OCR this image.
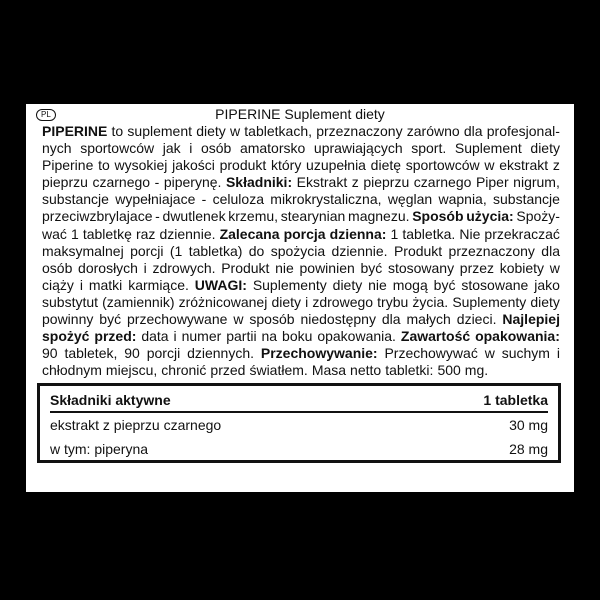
PL	PIPERINE Suplement diety
PIPERINE to suplement diety w tabletkach, przeznaczony zarówno dla profesjonal-
nych sportowców jak i osób amatorsko uprawiających sport. Suplement diety
Piperine to wysokiej jakości produkt który uzupełnia dietę sportowców w ekstrakt z
pieprzu czarnego - piperynę. Składniki: Ekstrakt z pieprzu czarnego Piper nigrum,
substancje wypełniajace - celuloza mikrokrystaliczna, węglan wapnia, substancje
przeciwzbrylajace - dwutlenek krzemu, stearynian magnezu. Sposób użycia: Spoży-
wać 1 tabletkę raz dziennie. Zalecana porcja dzienna: 1 tabletka. Nie przekraczać
maksymalnej porcji (1 tabletka) do spożycia dziennie. Produkt przeznaczony dla
osób dorosłych i zdrowych. Produkt nie powinien być stosowany przez kobiety w
ciąży i matki karmiące. UWAGI: Suplementy diety nie mogą być stosowane jako
substytut (zamiennik) zróżnicowanej diety i zdrowego trybu życia. Suplementy diety
powinny być przechowywane w sposób niedostępny dla małych dzieci. Najlepiej
spożyć przed: data i numer partii na boku opakowania. Zawartość opakowania:
90 tabletek, 90 porcji dziennych. Przechowywanie: Przechowywać w suchym i
chłodnym miejscu, chronić przed światłem. Masa netto tabletki: 500 mg.
Składniki aktywne	1 tabletka
ekstrakt z pieprzu czarnego	30 mg
w tym: piperyna	28 mg
